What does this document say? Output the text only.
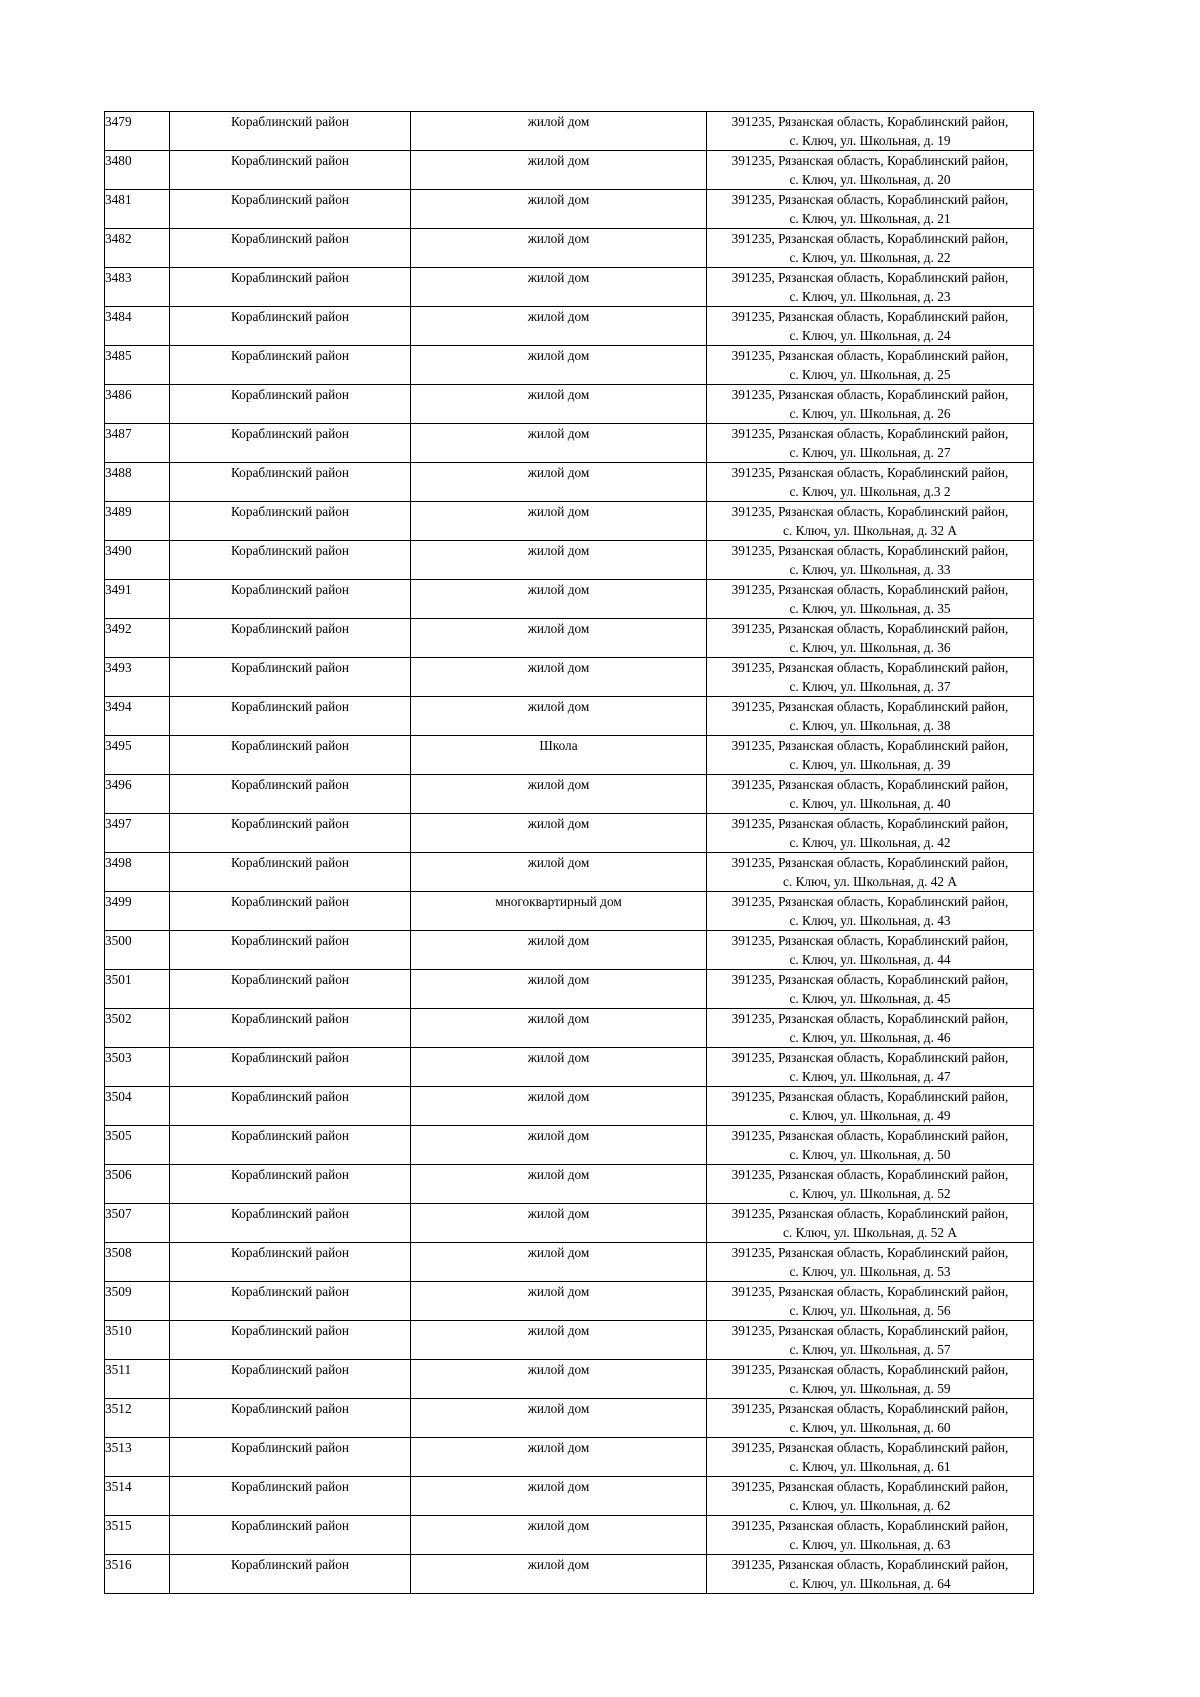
3479	Кораблинский район	жилой дом	391235, Рязанская область, Кораблинский район,
с. Ключ, ул. Школьная, д. 19

3480	Кораблинский район	жилой дом	391235, Рязанская область, Кораблинский район,
с. Ключ, ул. Школьная, д. 20

3481	Кораблинский район	жилой дом	391235, Рязанская область, Кораблинский район,
с. Ключ, ул. Школьная, д. 21

3482	Кораблинский район	жилой дом	391235, Рязанская область, Кораблинский район,
с. Ключ, ул. Школьная, д. 22

3483	Кораблинский район	жилой дом	391235, Рязанская область, Кораблинский район,
с. Ключ, ул. Школьная, д. 23

3484	Кораблинский район	жилой дом	391235, Рязанская область, Кораблинский район,
с. Ключ, ул. Школьная, д. 24

3485	Кораблинский район	жилой дом	391235, Рязанская область, Кораблинский район,
с. Ключ, ул. Школьная, д. 25

3486	Кораблинский район	жилой дом	391235, Рязанская область, Кораблинский район,
с. Ключ, ул. Школьная, д. 26

3487	Кораблинский район	жилой дом	391235, Рязанская область, Кораблинский район,
с. Ключ, ул. Школьная, д. 27

3488	Кораблинский район	жилой дом	391235, Рязанская область, Кораблинский район,
с. Ключ, ул. Школьная, д.3 2

3489	Кораблинский район	жилой дом	391235, Рязанская область, Кораблинский район,
с. Ключ, ул. Школьная, д. 32 А

3490	Кораблинский район	жилой дом	391235, Рязанская область, Кораблинский район,
с. Ключ, ул. Школьная, д. 33

3491	Кораблинский район	жилой дом	391235, Рязанская область, Кораблинский район,
с. Ключ, ул. Школьная, д. 35

3492	Кораблинский район	жилой дом	391235, Рязанская область, Кораблинский район,
с. Ключ, ул. Школьная, д. 36

3493	Кораблинский район	жилой дом	391235, Рязанская область, Кораблинский район,
с. Ключ, ул. Школьная, д. 37

3494	Кораблинский район	жилой дом	391235, Рязанская область, Кораблинский район,
с. Ключ, ул. Школьная, д. 38

3495	Кораблинский район	Школа	391235, Рязанская область, Кораблинский район,
с. Ключ, ул. Школьная, д. 39

3496	Кораблинский район	жилой дом	391235, Рязанская область, Кораблинский район,
с. Ключ, ул. Школьная, д. 40

3497	Кораблинский район	жилой дом	391235, Рязанская область, Кораблинский район,
с. Ключ, ул. Школьная, д. 42

3498	Кораблинский район	жилой дом	391235, Рязанская область, Кораблинский район,
с. Ключ, ул. Школьная, д. 42 А

3499	Кораблинский район	многоквартирный дом	391235, Рязанская область, Кораблинский район,
с. Ключ, ул. Школьная, д. 43

3500	Кораблинский район	жилой дом	391235, Рязанская область, Кораблинский район,
с. Ключ, ул. Школьная, д. 44

3501	Кораблинский район	жилой дом	391235, Рязанская область, Кораблинский район,
с. Ключ, ул. Школьная, д. 45

3502	Кораблинский район	жилой дом	391235, Рязанская область, Кораблинский район,
с. Ключ, ул. Школьная, д. 46

3503	Кораблинский район	жилой дом	391235, Рязанская область, Кораблинский район,
с. Ключ, ул. Школьная, д. 47

3504	Кораблинский район	жилой дом	391235, Рязанская область, Кораблинский район,
с. Ключ, ул. Школьная, д. 49

3505	Кораблинский район	жилой дом	391235, Рязанская область, Кораблинский район,
с. Ключ, ул. Школьная, д. 50

3506	Кораблинский район	жилой дом	391235, Рязанская область, Кораблинский район,
с. Ключ, ул. Школьная, д. 52

3507	Кораблинский район	жилой дом	391235, Рязанская область, Кораблинский район,
с. Ключ, ул. Школьная, д. 52 А

3508	Кораблинский район	жилой дом	391235, Рязанская область, Кораблинский район,
с. Ключ, ул. Школьная, д. 53

3509	Кораблинский район	жилой дом	391235, Рязанская область, Кораблинский район,
с. Ключ, ул. Школьная, д. 56

3510	Кораблинский район	жилой дом	391235, Рязанская область, Кораблинский район,
с. Ключ, ул. Школьная, д. 57

3511	Кораблинский район	жилой дом	391235, Рязанская область, Кораблинский район,
с. Ключ, ул. Школьная, д. 59

3512	Кораблинский район	жилой дом	391235, Рязанская область, Кораблинский район,
с. Ключ, ул. Школьная, д. 60

3513	Кораблинский район	жилой дом	391235, Рязанская область, Кораблинский район,
с. Ключ, ул. Школьная, д. 61

3514	Кораблинский район	жилой дом	391235, Рязанская область, Кораблинский район,
с. Ключ, ул. Школьная, д. 62

3515	Кораблинский район	жилой дом	391235, Рязанская область, Кораблинский район,
с. Ключ, ул. Школьная, д. 63

3516	Кораблинский район	жилой дом	391235, Рязанская область, Кораблинский район,
с. Ключ, ул. Школьная, д. 64
